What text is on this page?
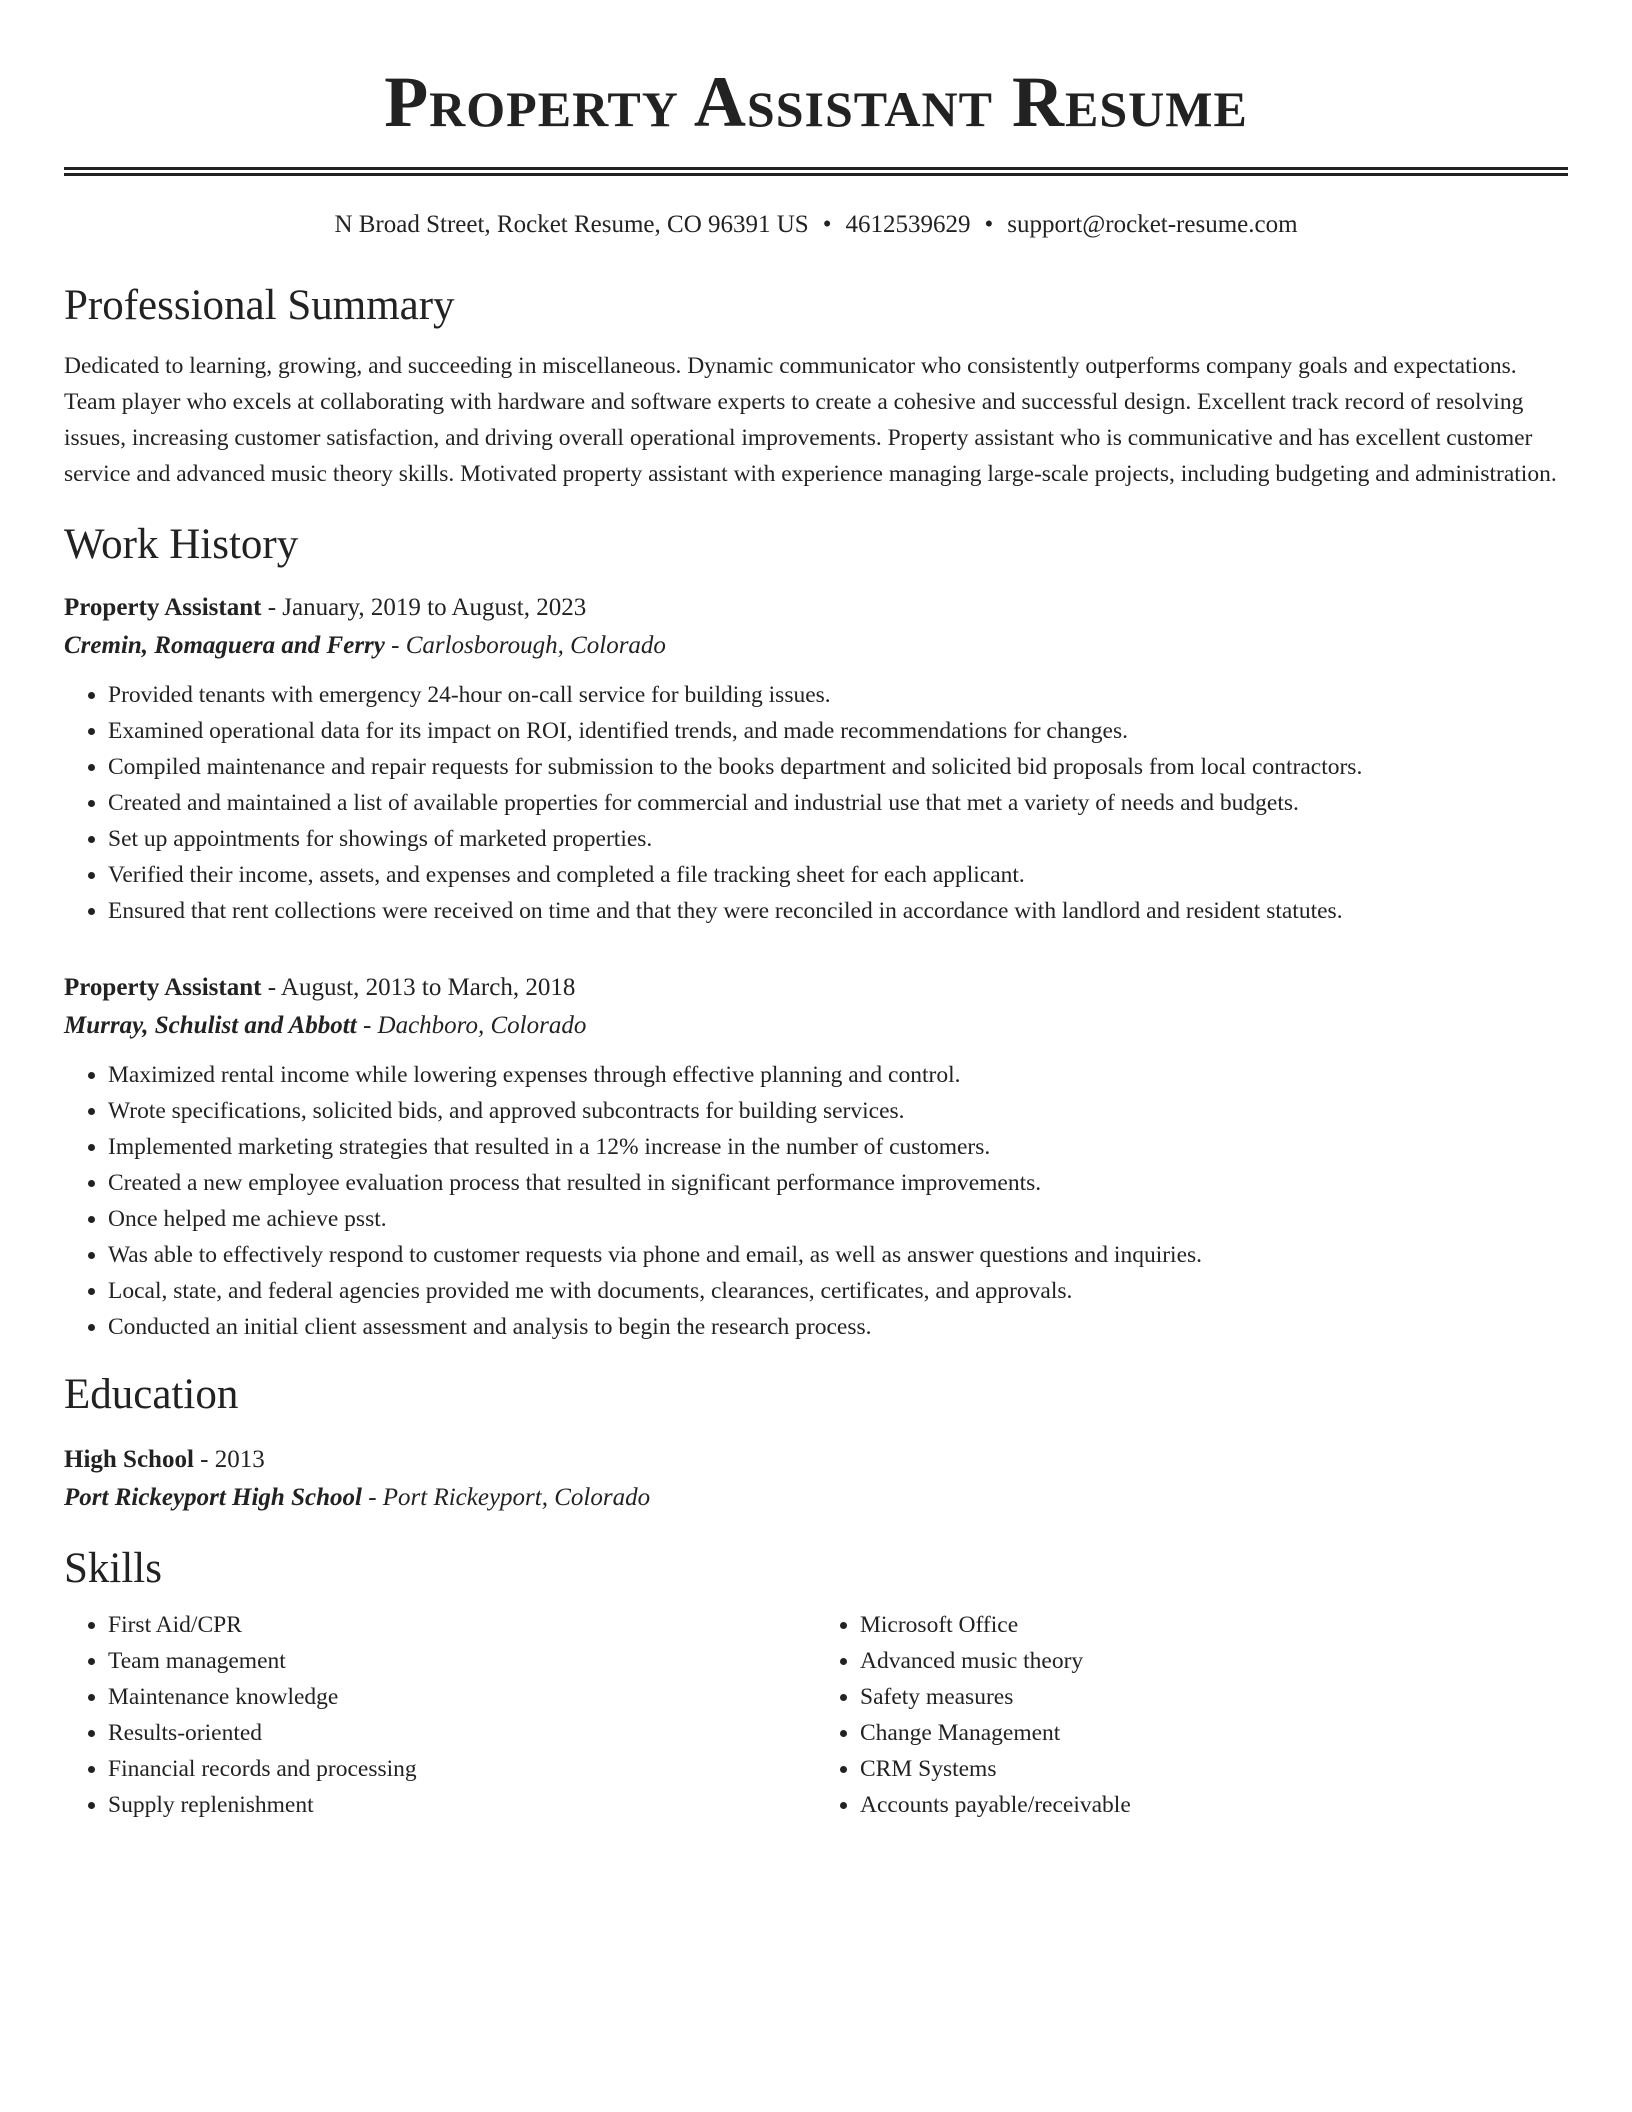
Property Assistant Resume
N Broad Street, Rocket Resume, CO 96391 US • 4612539629 • support@rocket-resume.com
Professional Summary

Dedicated to learning, growing, and succeeding in miscellaneous. Dynamic communicator who consistently outperforms company goals and expectations. Team player who excels at collaborating with hardware and software experts to create a cohesive and successful design. Excellent track record of resolving issues, increasing customer satisfaction, and driving overall operational improvements. Property assistant who is communicative and has excellent customer service and advanced music theory skills. Motivated property assistant with experience managing large-scale projects, including budgeting and administration.

Work History
Property Assistant - January, 2019 to August, 2023
Cremin, Romaguera and Ferry - Carlosborough, Colorado
• Provided tenants with emergency 24-hour on-call service for building issues.
• Examined operational data for its impact on ROI, identified trends, and made recommendations for changes.
• Compiled maintenance and repair requests for submission to the books department and solicited bid proposals from local contractors.
• Created and maintained a list of available properties for commercial and industrial use that met a variety of needs and budgets.
• Set up appointments for showings of marketed properties.
• Verified their income, assets, and expenses and completed a file tracking sheet for each applicant.
• Ensured that rent collections were received on time and that they were reconciled in accordance with landlord and resident statutes.
Property Assistant - August, 2013 to March, 2018
Murray, Schulist and Abbott - Dachboro, Colorado
• Maximized rental income while lowering expenses through effective planning and control.
• Wrote specifications, solicited bids, and approved subcontracts for building services.
• Implemented marketing strategies that resulted in a 12% increase in the number of customers.
• Created a new employee evaluation process that resulted in significant performance improvements.
• Once helped me achieve psst.
• Was able to effectively respond to customer requests via phone and email, as well as answer questions and inquiries.
• Local, state, and federal agencies provided me with documents, clearances, certificates, and approvals.
• Conducted an initial client assessment and analysis to begin the research process.
Education
High School - 2013
Port Rickeyport High School - Port Rickeyport, Colorado
Skills
• First Aid/CPR
• Team management
• Maintenance knowledge
• Results-oriented
• Financial records and processing
• Supply replenishment
• Microsoft Office
• Advanced music theory
• Safety measures
• Change Management
• CRM Systems
• Accounts payable/receivable
